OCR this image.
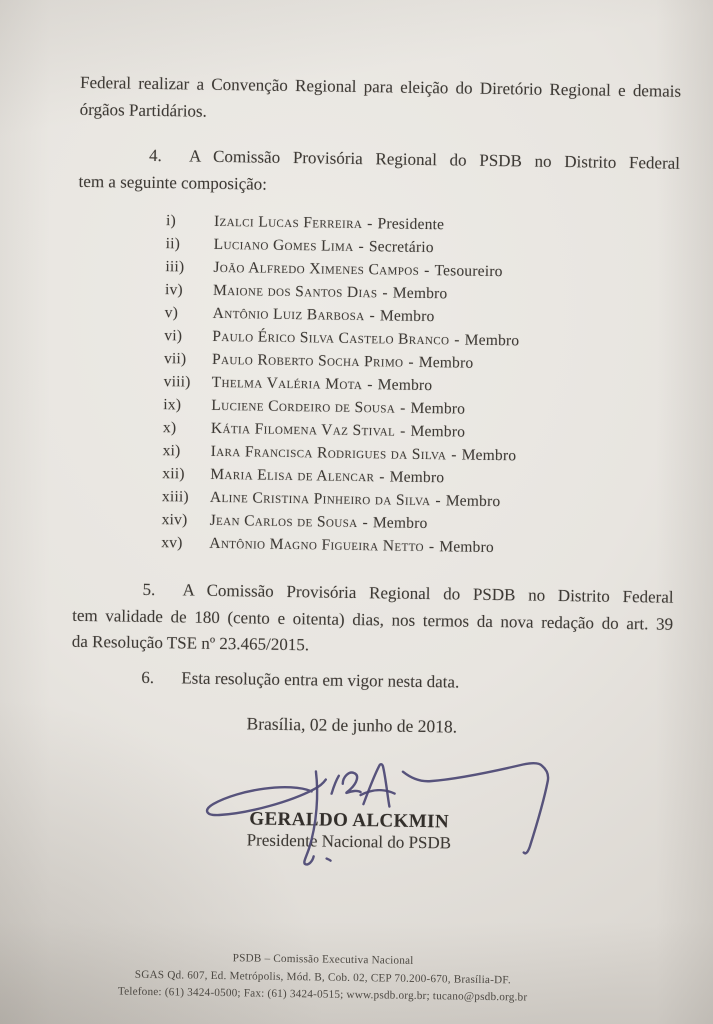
Federal realizar a Convenção Regional para eleição do Diretório Regional e demais
órgãos Partidários.
4.	A Comissão Provisória Regional do PSDB no Distrito Federal
tem a seguinte composição:
i) Izalci Lucas Ferreira - Presidente
ii) Luciano Gomes Lima - Secretário
iii) João Alfredo Ximenes Campos - Tesoureiro
iv) Maione dos Santos Dias - Membro
v) Antônio Luiz Barbosa - Membro
vi) Paulo Érico Silva Castelo Branco - Membro
vii) Paulo Roberto Socha Primo - Membro
viii) Thelma Valéria Mota - Membro
ix) Luciene Cordeiro de Sousa - Membro
x) Kátia Filomena Vaz Stival - Membro
xi) Iara Francisca Rodrigues da Silva - Membro
xii) Maria Elisa de Alencar - Membro
xiii) Aline Cristina Pinheiro da Silva - Membro
xiv) Jean Carlos de Sousa - Membro
xv) Antônio Magno Figueira Netto - Membro
5.	A Comissão Provisória Regional do PSDB no Distrito Federal
tem validade de 180 (cento e oitenta) dias, nos termos da nova redação do art. 39
da Resolução TSE nº 23.465/2015.
6.	Esta resolução entra em vigor nesta data.
Brasília, 02 de junho de 2018.
GERALDO ALCKMIN
Presidente Nacional do PSDB
PSDB – Comissão Executiva Nacional
SGAS Qd. 607, Ed. Metrópolis, Mód. B, Cob. 02, CEP 70.200-670, Brasília-DF.
Telefone: (61) 3424-0500; Fax: (61) 3424-0515; www.psdb.org.br; tucano@psdb.org.br
